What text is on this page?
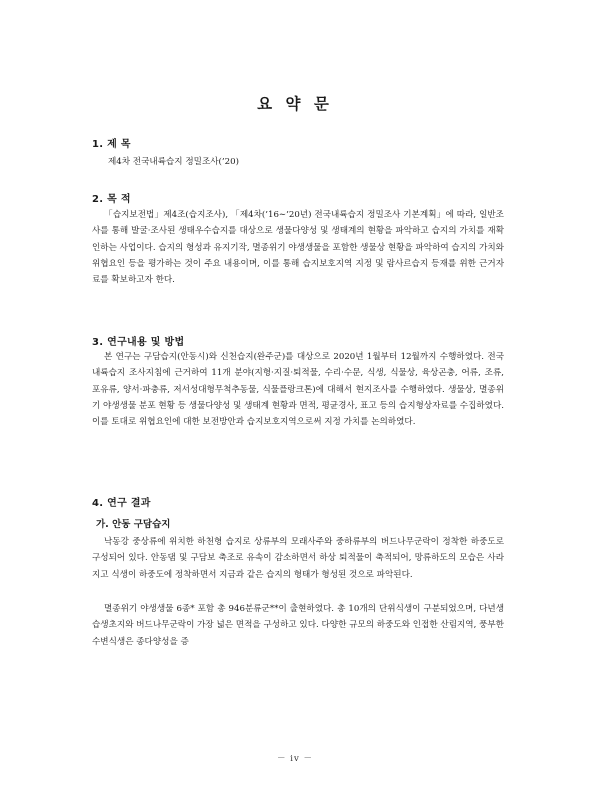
요 약 문
1. 제 목
제4차 전국내륙습지 정밀조사(’20)
2. 목 적

「습지보전법」제4조(습지조사), 「제4차(’16∼’20년) 전국내륙습지 정밀조사 기본계획」에 따라, 일반조사를 통해 발굴·조사된 생태우수습지를 대상으로 생물다양성 및 생태계의 현황을 파악하고 습지의 가치를 재확인하는 사업이다. 습지의 형성과 유지기작, 멸종위기 야생생물을 포함한 생물상 현황을 파악하여 습지의 가치와 위협요인 등을 평가하는 것이 주요 내용이며, 이를 통해 습지보호지역 지정 및 람사르습지 등재를 위한 근거자료를 확보하고자 한다.

3. 연구내용 및 방법

본 연구는 구담습지(안동시)와 신천습지(완주군)를 대상으로 2020년 1월부터 12월까지 수행하였다. 전국내륙습지 조사지침에 근거하여 11개 분야(지형·지질·퇴적물, 수리·수문, 식생, 식물상, 육상곤충, 어류, 조류, 포유류, 양서·파충류, 저서성대형무척추동물, 식물플랑크톤)에 대해서 현지조사를 수행하였다. 생물상, 멸종위기 야생생물 분포 현황 등 생물다양성 및 생태계 현황과 면적, 평균경사, 표고 등의 습지형상자료를 수집하였다. 이를 토대로 위협요인에 대한 보전방안과 습지보호지역으로써 지정 가치를 논의하였다.

4. 연구 결과
가. 안동 구담습지

낙동강 중상류에 위치한 하천형 습지로 상류부의 모래사주와 중하류부의 버드나무군락이 정착한 하중도로 구성되어 있다. 안동댐 및 구담보 축조로 유속이 감소하면서 하상 퇴적물이 축적되어, 망류하도의 모습은 사라지고 식생이 하중도에 정착하면서 지금과 같은 습지의 형태가 형성된 것으로 파악된다.

멸종위기 야생생물 6종* 포함 총 946분류군**이 출현하였다. 총 10개의 단위식생이 구분되었으며, 다년생 습생초지와 버드나무군락이 가장 넓은 면적을 구성하고 있다. 다양한 규모의 하중도와 인접한 산림지역, 풍부한 수변식생은 종다양성을 증

－ iv －
